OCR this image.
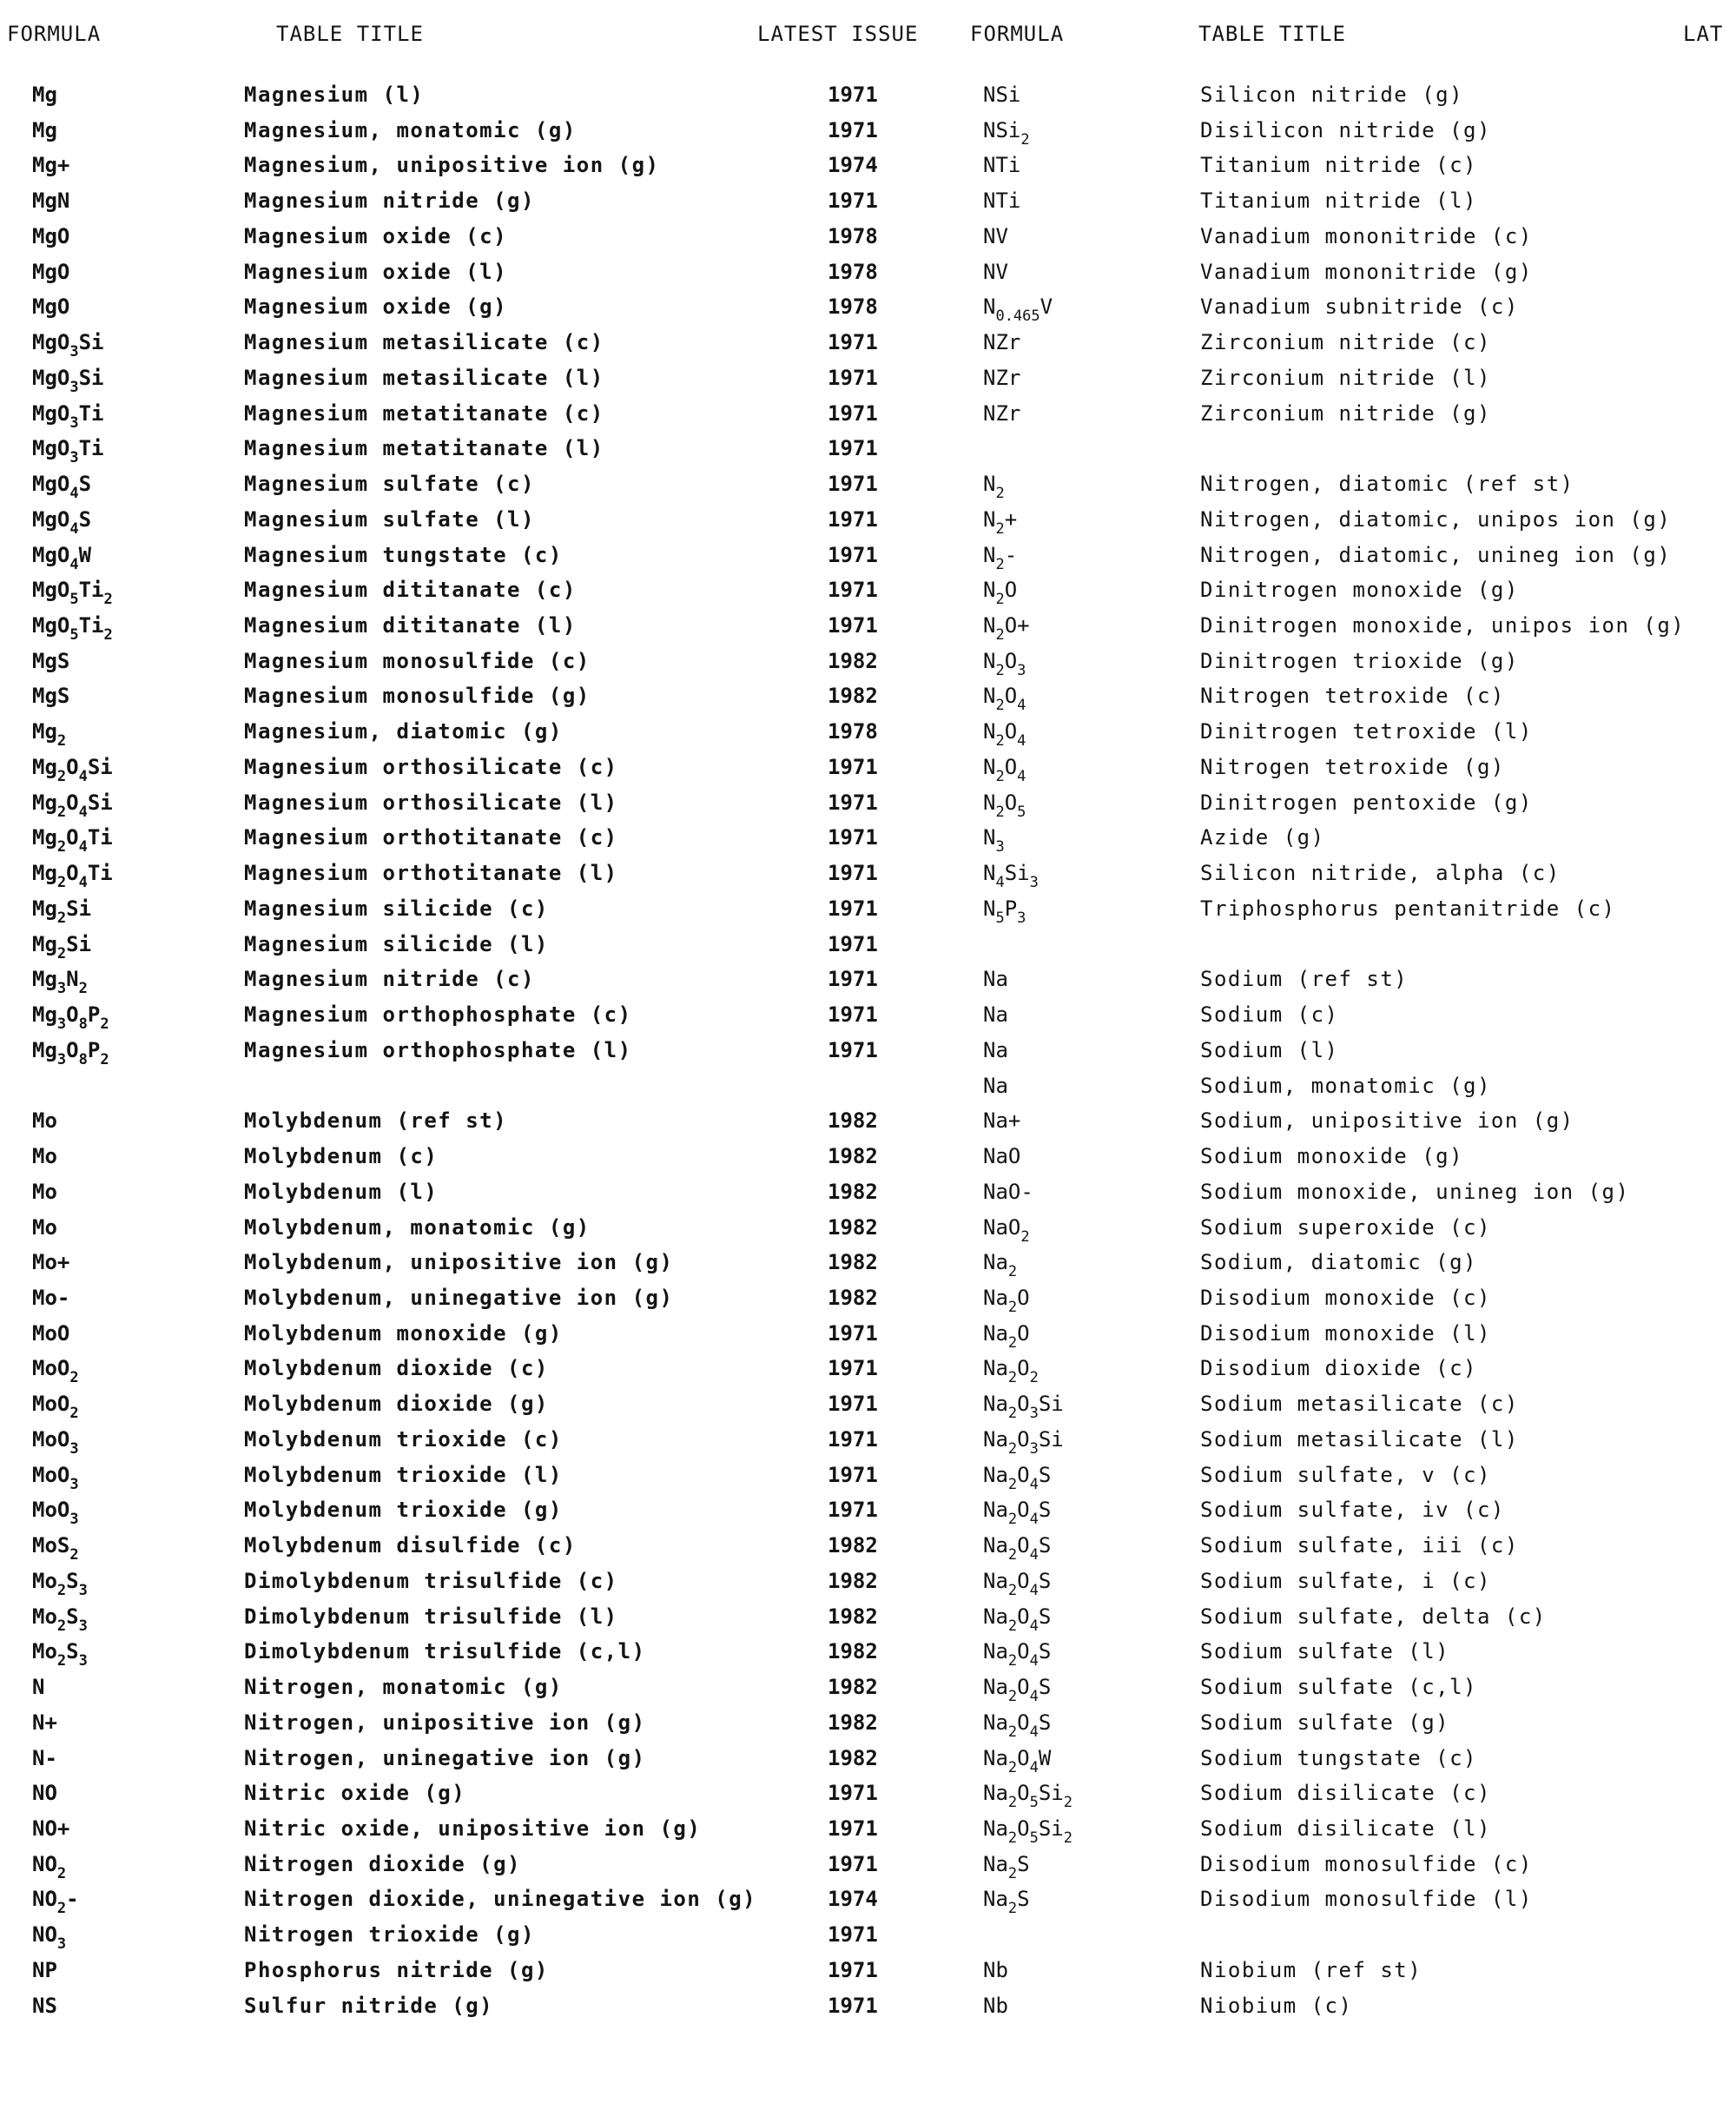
FORMULA	TABLE TITLE	LATEST ISSUE FORMULA	TABLE TITLE	LAT
Mg	Magnesium (l)	1971
Mg	Magnesium, monatomic (g)	1971
Mg+	Magnesium, unipositive ion (g)	1974
MgN	Magnesium nitride (g)	1971
MgO	Magnesium oxide (c)	1978
MgO	Magnesium oxide (l)	1978
MgO	Magnesium oxide (g)	1978
MgO$_3$Si	Magnesium metasilicate (c)	1971
MgO$_3$Si	Magnesium metasilicate (l)	1971
MgO$_3$Ti	Magnesium metatitanate (c)	1971
MgO$_3$Ti	Magnesium metatitanate (l)	1971
MgO$_4$S	Magnesium sulfate (c)	1971
MgO$_4$S	Magnesium sulfate (l)	1971
MgO$_4$W	Magnesium tungstate (c)	1971
$MgO_5Ti_2$	Magnesium dititanate (c)	1971
$MgO_5Ti_2$	Magnesium dititanate (l)	1971
MgS	Magnesium monosulfide (c)	1982
MgS	Magnesium monosulfide (g)	1982
$Mg_2$	Magnesium, diatomic (g)	1978
$Mg_2O_4Si$	Magnesium orthosilicate (c)	1971
$Mg_2O_4Si$	Magnesium orthosilicate (l)	1971
$Mg_2O_4Ti$	Magnesium orthotitanate (c)	1971
$Mg_2O_4Ti$	Magnesium orthotitanate (l)	1971
$Mg_2Si$	Magnesium silicide (c)	1971
$Mg_2Si$	Magnesium silicide (l)	1971
$Mg_3N_2$	Magnesium nitride (c)	1971
$Mg_3O_8P_2$	Magnesium orthophosphate (c)	1971
$Mg_3O_8P_2$	Magnesium orthophosphate (l)	1971
Mo	Molybdenum (ref st)	1982
Mo	Molybdenum (c)	1982
Mo	Molybdenum (l)	1982
Mo	Molybdenum, monatomic (g)	1982
Mo+	Molybdenum, unipositive ion (g)	1982
Mo-	Molybdenum, uninegative ion (g)	1982
MoO	Molybdenum monoxide (g)	1971
MoO$_2$	Molybdenum dioxide (c)	1971
MoO$_2$	Molybdenum dioxide (g)	1971
MoO$_3$	Molybdenum trioxide (c)	1971
MoO$_3$	Molybdenum trioxide (l)	1971
MoO$_3$	Molybdenum trioxide (g)	1971
MoS$_2$	Molybdenum disulfide (c)	1982
$Mo_2S_3$	Dimolybdenum trisulfide (c)	1982
$Mo_2S_3$	Dimolybdenum trisulfide (l)	1982
$Mo_2S_3$	Dimolybdenum trisulfide (c,l)	1982
N	Nitrogen, monatomic (g)	1982
N+	Nitrogen, unipositive ion (g)	1982
N-	Nitrogen, uninegative ion (g)	1982
NO	Nitric oxide (g)	1971
NO+	Nitric oxide, unipositive ion (g)	1971
$NO_2$	Nitrogen dioxide (g)	1971
$NO_2-$	Nitrogen dioxide, uninegative ion (g)	1974
$NO_3$	Nitrogen trioxide (g)	1971
NP	Phosphorus nitride (g)	1971
NS	Sulfur nitride (g)	1971
NSi	Silicon nitride (g)
NSi$_2$	Disilicon nitride (g)
NTi	Titanium nitride (c)
NTi	Titanium nitride (l)
NV	Vanadium mononitride (c)
NV	Vanadium mononitride (g)
$N_{0.465}V$	Vanadium subnitride (c)
NZr	Zirconium nitride (c)
NZr	Zirconium nitride (l)
NZr	Zirconium nitride (g)
$N_2$	Nitrogen, diatomic (ref st)
$N_2+$	Nitrogen, diatomic, unipos ion (g)
$N_2-$	Nitrogen, diatomic, unineg ion (g)
$N_2O$	Dinitrogen monoxide (g)
$N_2O+$	Dinitrogen monoxide, unipos ion (g)
$N_2O_3$	Dinitrogen trioxide (g)
$N_2O_4$	Nitrogen tetroxide (c)
$N_2O_4$	Dinitrogen tetroxide (l)
$N_2O_4$	Nitrogen tetroxide (g)
$N_2O_5$	Dinitrogen pentoxide (g)
$N_3$	Azide (g)
$N_4Si_3$	Silicon nitride, alpha (c)
$N_5P_3$	Triphosphorus pentanitride (c)
Na	Sodium (ref st)
Na	Sodium (c)
Na	Sodium (l)
Na	Sodium, monatomic (g)
Na+	Sodium, unipositive ion (g)
NaO	Sodium monoxide (g)
NaO-	Sodium monoxide, unineg ion (g)
NaO$_2$	Sodium superoxide (c)
$Na_2$	Sodium, diatomic (g)
$Na_2O$	Disodium monoxide (c)
$Na_2O$	Disodium monoxide (l)
$Na_2O_2$	Disodium dioxide (c)
$Na_2O_3Si$	Sodium metasilicate (c)
$Na_2O_3Si$	Sodium metasilicate (l)
$Na_2O_4S$	Sodium sulfate, v (c)
$Na_2O_4S$	Sodium sulfate, iv (c)
$Na_2O_4S$	Sodium sulfate, iii (c)
$Na_2O_4S$	Sodium sulfate, i (c)
$Na_2O_4S$	Sodium sulfate, delta (c)
$Na_2O_4S$	Sodium sulfate (l)
$Na_2O_4S$	Sodium sulfate (c,l)
$Na_2O_4S$	Sodium sulfate (g)
$Na_2O_4W$	Sodium tungstate (c)
$Na_2O_5Si_2$	Sodium disilicate (c)
$Na_2O_5Si_2$	Sodium disilicate (l)
$Na_2S$	Disodium monosulfide (c)
$Na_2S$	Disodium monosulfide (l)
Nb	Niobium (ref st)
Nb	Niobium (c)
